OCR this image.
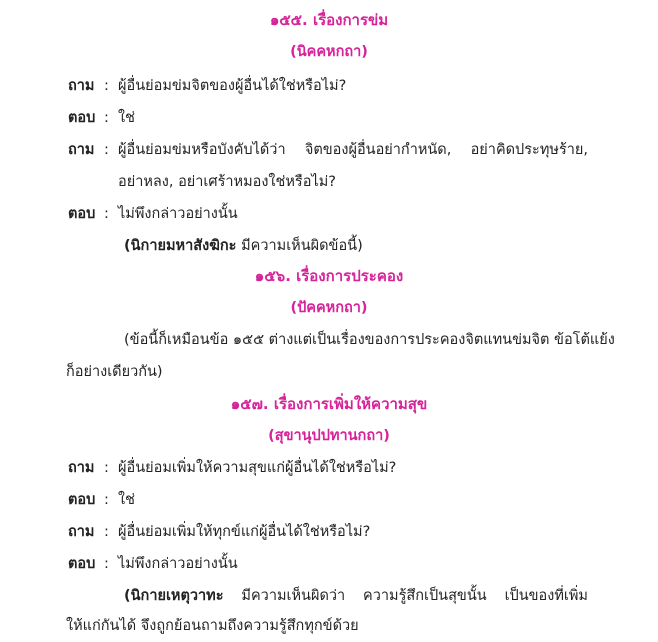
๑๕๕. เรื่องการข่ม
(นิคคหกถา)
ถาม : ผู้อื่นย่อมข่มจิตของผู้อื่นได้ใช่หรือไม่?
ตอบ : ใช่
ถาม : ผู้อื่นย่อมข่มหรือบังคับได้ว่า จิตของผู้อื่นอย่ากำหนัด, อย่าคิดประทุษร้าย,
อย่าหลง, อย่าเศร้าหมองใช่หรือไม่?
ตอบ : ไม่พึงกล่าวอย่างนั้น
(นิกายมหาสังฆิกะ มีความเห็นผิดข้อนี้)
๑๕๖. เรื่องการประคอง
(ปัคคหกถา)
(ข้อนี้ก็เหมือนข้อ ๑๕๕ ต่างแต่เป็นเรื่องของการประคองจิตแทนข่มจิต ข้อโต้แย้ง
ก็อย่างเดียวกัน)
๑๕๗. เรื่องการเพิ่มให้ความสุข
(สุขานุปปทานกถา)
ถาม : ผู้อื่นย่อมเพิ่มให้ความสุขแก่ผู้อื่นได้ใช่หรือไม่?
ตอบ : ใช่
ถาม : ผู้อื่นย่อมเพิ่มให้ทุกข์แก่ผู้อื่นได้ใช่หรือไม่?
ตอบ : ไม่พึงกล่าวอย่างนั้น
(นิกายเหตุวาทะ มีความเห็นผิดว่า ความรู้สึกเป็นสุขนั้น เป็นของที่เพิ่ม
ให้แก่กันได้ จึงถูกย้อนถามถึงความรู้สึกทุกข์ด้วย
